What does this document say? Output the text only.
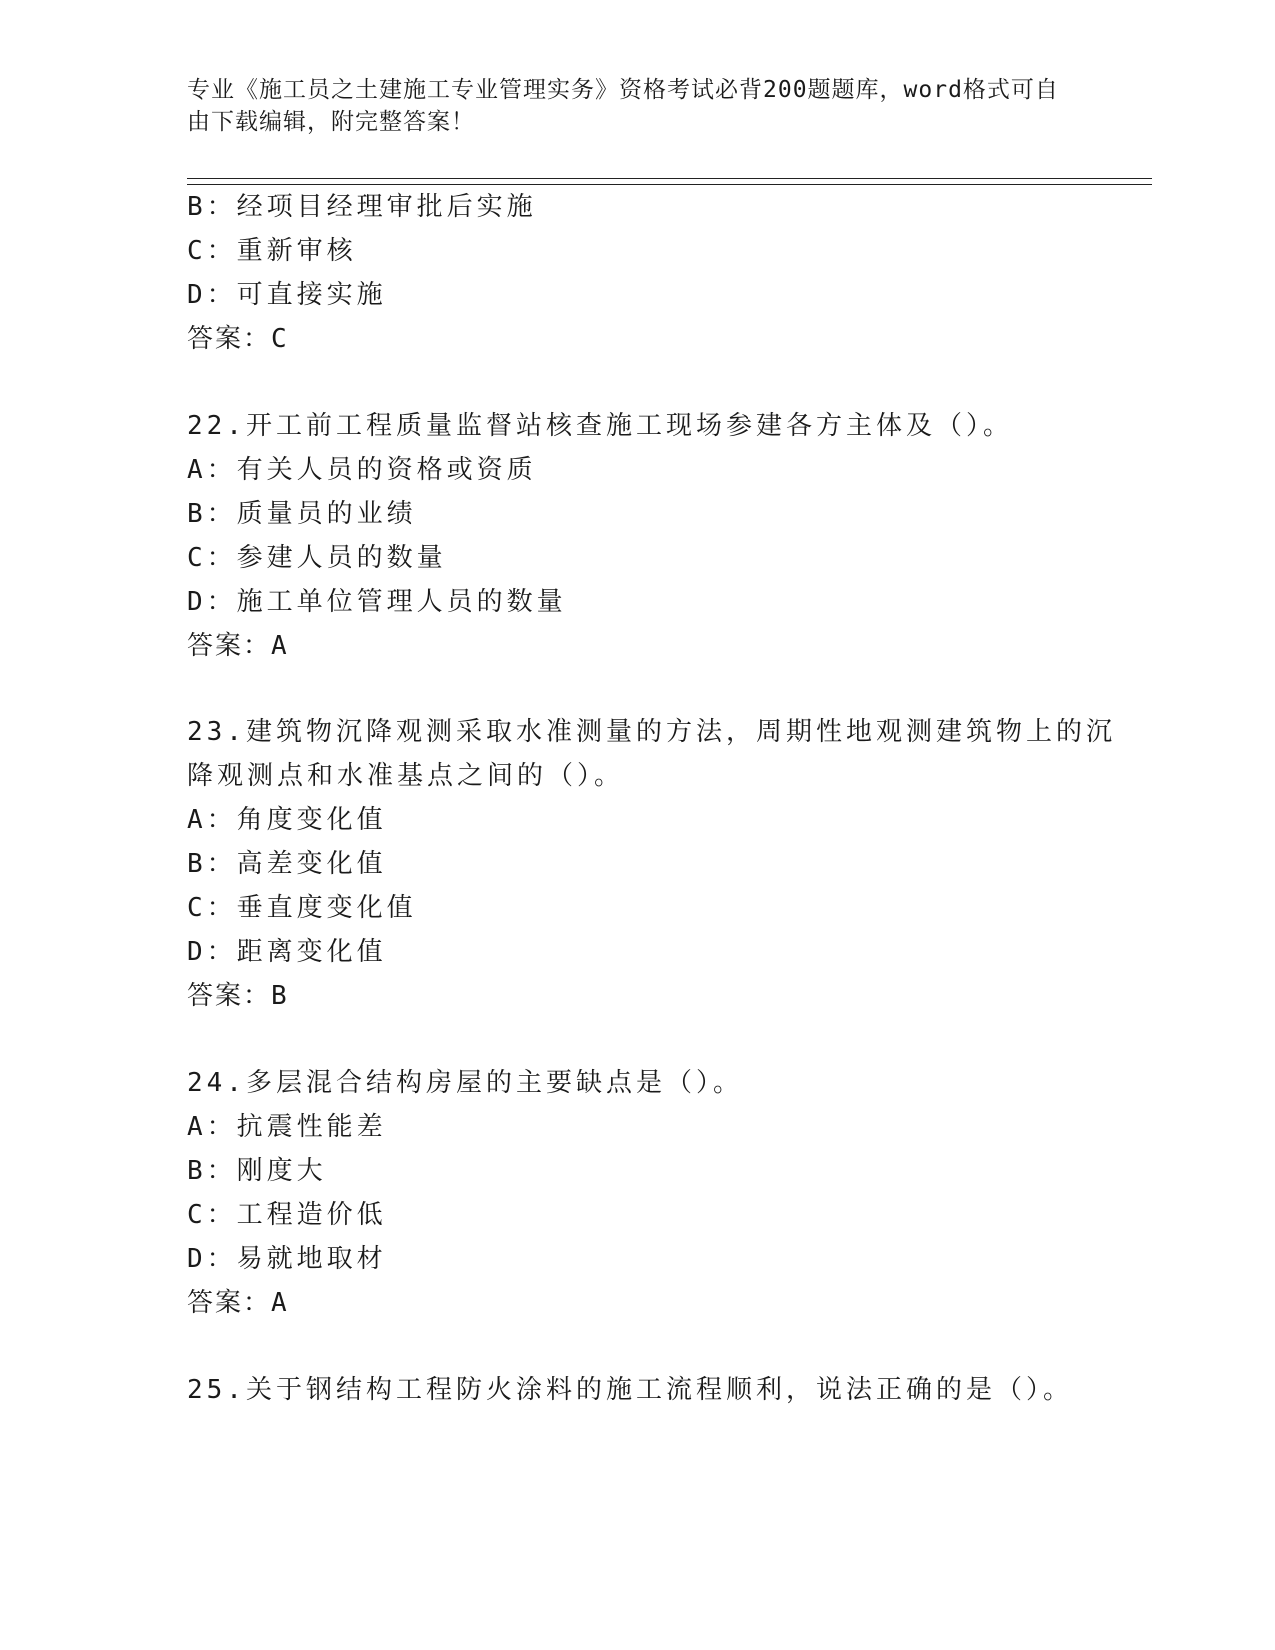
专业《施工员之土建施工专业管理实务》资格考试必背200题题库，word格式可自由下载编辑，附完整答案！
B：经项目经理审批后实施
C：重新审核
D：可直接实施
答案：C
22.开工前工程质量监督站核查施工现场参建各方主体及（）。
A：有关人员的资格或资质
B：质量员的业绩
C：参建人员的数量
D：施工单位管理人员的数量
答案：A
23.建筑物沉降观测采取水准测量的方法，周期性地观测建筑物上的沉
降观测点和水准基点之间的（）。
A：角度变化值
B：高差变化值
C：垂直度变化值
D：距离变化值
答案：B
24.多层混合结构房屋的主要缺点是（）。
A：抗震性能差
B：刚度大
C：工程造价低
D：易就地取材
答案：A
25.关于钢结构工程防火涂料的施工流程顺利，说法正确的是（）。
